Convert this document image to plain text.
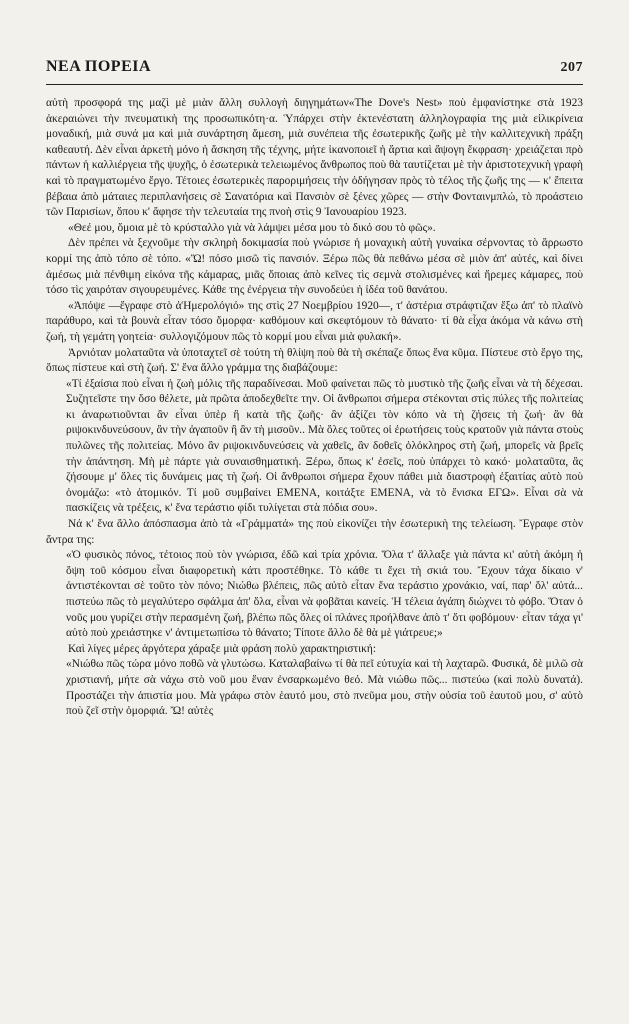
ΝΕΑ ΠΟΡΕΙΑ	207

αὐτὴ προσφορά της μαζὶ μὲ μιὰν ἄλλη συλλογὴ διηγημάτων«The Dove's Nest» ποὺ ἐμφανίστηκε στὰ 1923 ἀκεραιώνει τὴν πνευματικὴ της προσωπικότη·α. Ὑπάρχει στὴν ἐκτενέστατη ἀλληλογραφία της μιὰ εἰλικρίνεια μοναδική, μιὰ συνά μα καὶ μιὰ συνάρτηση ἄμεση, μιὰ συνέπεια τῆς ἐσωτερικῆς ζωῆς μὲ τὴν καλλιτεχνικὴ πράξη καθεαυτή. Δὲν εἶναι ἀρκετὴ μόνο ἡ ἄσκηση τῆς τέχνης, μήτε ἱκανοποιεῖ ἡ ἄρτια καὶ ἄψογη ἔκφραση· χρειάζεται πρὸ πάντων ἡ καλλιέργεια τῆς ψυχῆς, ὁ ἐσωτερικὰ τελειωμένος ἄνθρωπος ποὺ θὰ ταυτίζεται μὲ τὴν ἀριστοτεχνικὴ γραφὴ καὶ τὸ πραγματωμένο ἔργο. Τέτοιες ἐσωτερικὲς παροριμήσεις τὴν ὁδήγησαν πρὸς τὸ τέλος τῆς ζωῆς της — κ' ἔπειτα βέβαια ἀπὸ μάταιες περιπλανήσεις σὲ Σανατόρια καὶ Πανσιὸν σὲ ξένες χῶρες — στὴν Φονταινμπλώ, τὸ προάστειο τῶν Παρισίων, ὅπου κ' ἄφησε τὴν τελευταία της πνοὴ στὶς 9 Ἰανουαρίου 1923.

«Θεέ μου, ὅμοια μὲ τὸ κρύσταλλο γιὰ νὰ λάμψει μέσα μου τὸ δικό σου τὸ φῶς».

Δὲν πρέπει νὰ ξεχνοῦμε τὴν σκληρὴ δοκιμασία ποὺ γνώρισε ἡ μοναχικὴ αὐτὴ γυναίκα σέρνοντας τὸ ἄρρωστο κορμί της ἀπὸ τόπο σὲ τόπο. «Ὤ! πόσο μισῶ τὶς πανσιόν. Ξέρω πῶς θὰ πεθάνω μέσα σὲ μιὸν ἀπ' αὐτές, καὶ δίνει ἀμέσως μιὰ πένθιμη εἰκόνα τῆς κάμαρας, μιᾶς ὅποιας ἀπὸ κεῖνες τὶς σεμνὰ στολισμένες καὶ ἥρεμες κάμαρες, ποὺ τόσο τὶς χαιρόταν σιγουρευμένες. Κάθε της ἐνέργεια τὴν συνοδεύει ἡ ἰδέα τοῦ θανάτου.

«Ἀπόψε —ἔγραφε στὸ ἁἩμερολόγιό» της στὶς 27 Νοεμβρίου 1920—, τ' ἀστέρια στράφτιζαν ἔξω ἀπ' τὸ πλαϊνὸ παράθυρο, καὶ τὰ βουνὰ εἶταν τόσο ὄμορφα· καθόμουν καὶ σκεφτόμουν τὸ θάνατο· τί θὰ εἶχα ἀκόμα νὰ κάνω στὴ ζωή, τὴ γεμάτη γοητεία· συλλογιζόμουν πῶς τὸ κορμί μου εἶναι μιὰ φυλακή».

Ἀρνιόταν μολαταῦτα νὰ ὑποταχτεῖ σὲ τούτη τὴ θλίψη ποὺ θὰ τὴ σκέπαζε ὅπως ἕνα κῦμα. Πίστευε στὸ ἔργο της, ὅπως πίστευε καὶ στὴ ζωή. Σ' ἕνα ἄλλο γράμμα της διαβάζουμε:

«Τί ἐξαίσια ποὺ εἶναι ἡ ζωὴ μόλις τῆς παραδίνεσαι. Μοῦ φαίνεται πῶς τὸ μυστικὸ τῆς ζωῆς εἶναι νὰ τὴ δέχεσαι. Συζητεῖστε την ὅσο θέλετε, μὰ πρῶτα ἀποδεχθεῖτε την. Οἱ ἄνθρωποι σήμερα στέκονται στὶς πύλες τῆς πολιτείας κι ἀναρωτιοῦνται ἂν εἶναι ὑπὲρ ἢ κατὰ τῆς ζωῆς· ἂν ἀξίζει τὸν κόπο νὰ τὴ ζήσεις τὴ ζωή· ἂν θὰ ριψοκινδυνεύσουν, ἂν τὴν ἀγαποῦν ἢ ἂν τὴ μισοῦν.. Μὰ ὅλες τοῦτες οἱ ἐρωτήσεις τοὺς κρατοῦν γιὰ πάντα στοὺς πυλῶνες τῆς πολιτείας. Μόνο ἂν ριψοκινδυνεύσεις νὰ χαθεῖς, ἂν δοθεῖς ὁλόκληρος στὴ ζωή, μπορεῖς νὰ βρεῖς τὴν ἀπάντηση. Μὴ μὲ πάρτε γιὰ συναισθηματική. Ξέρω, ὅπως κ' ἐσεῖς, ποὺ ὑπάρχει τὸ κακό· μολαταῦτα, ἂς ζήσουμε μ' ὅλες τὶς δυνάμεις μας τὴ ζωή. Οἱ ἄνθρωποι σήμερα ἔχουν πάθει μιὰ διαστροφὴ ἐξαιτίας αὐτὸ ποὺ ὀνομάζω: «τὸ ἀτομικόν. Τί μοῦ συμβαίνει ΕΜΕΝΑ, κοιτάξτε ΕΜΕΝΑ, νὰ τὸ ἔνισκα ΕΓΩ». Εἶναι σὰ νὰ πασκίζεις νὰ τρέξεις, κ' ἕνα τεράστιο φίδι τυλίγεται στὰ πόδια σου».

Νά κ' ἕνα ἄλλο ἀπόσπασμα ἀπὸ τὰ «Γράμματά» της ποὺ εἰκονίζει τὴν ἐσωτερικὴ της τελείωση. Ἔγραφε στὸν ἄντρα της:

«Ὁ φυσικὸς πόνος, τέτοιος ποὺ τὸν γνώρισα, ἐδῶ καὶ τρία χρόνια. Ὅλα τ' ἄλλαξε γιὰ πάντα κι' αὐτὴ ἀκόμη ἡ ὄψη τοῦ κόσμου εἶναι διαφορετικὴ κάτι προστέθηκε. Τὸ κάθε τι ἔχει τὴ σκιά του. Ἔχουν τάχα δίκαιο ν' ἀντιστέκονται σὲ τοῦτο τὸν πόνο; Νιώθω βλέπεις, πῶς αὐτὸ εἶταν ἕνα τεράστιο χρονάκιο, ναί, παρ' ὅλ' αὐτά... πιστεύω πῶς τὸ μεγαλύτερο σφάλμα ἀπ' ὅλα, εἶναι νὰ φοβᾶται κανείς. Ἡ τέλεια ἀγάπη διώχνει τὸ φόβο. Ὅταν ὁ νοῦς μου γυρίζει στὴν περασμένη ζωή, βλέπω πῶς ὅλες οἱ πλάνες προήλθανε ἀπὸ τ' ὅτι φοβόμουν· εἶταν τάχα γι' αὐτὸ ποὺ χρειάστηκε ν' ἀντιμετωπίσω τὸ θάνατο; Τίποτε ἄλλο δὲ θὰ μὲ γιάτρευε;»

Καὶ λίγες μέρες ἀργότερα χάραξε μιὰ φράση πολὺ χαρακτηριστική:

«Νιώθω πῶς τώρα μόνο ποθῶ νὰ γλυτώσω. Καταλαβαίνω τί θὰ πεῖ εὐτυχία καὶ τὴ λαχταρῶ. Φυσικά, δὲ μιλῶ σὰ χριστιανή, μήτε σὰ νάχω στὸ νοῦ μου ἕναν ἐνσαρκωμένο θεό. Μὰ νιώθω πῶς... πιστεύω (καὶ πολὺ δυνατά). Προστάζει τὴν ἀπιστία μου. Μὰ γράφω στὸν ἑαυτό μου, στὸ πνεῦμα μου, στὴν οὐσία τοῦ ἑαυτοῦ μου, σ' αὐτὸ ποὺ ζεῖ στὴν ὀμορφιά. Ὤ! αὐτὲς
